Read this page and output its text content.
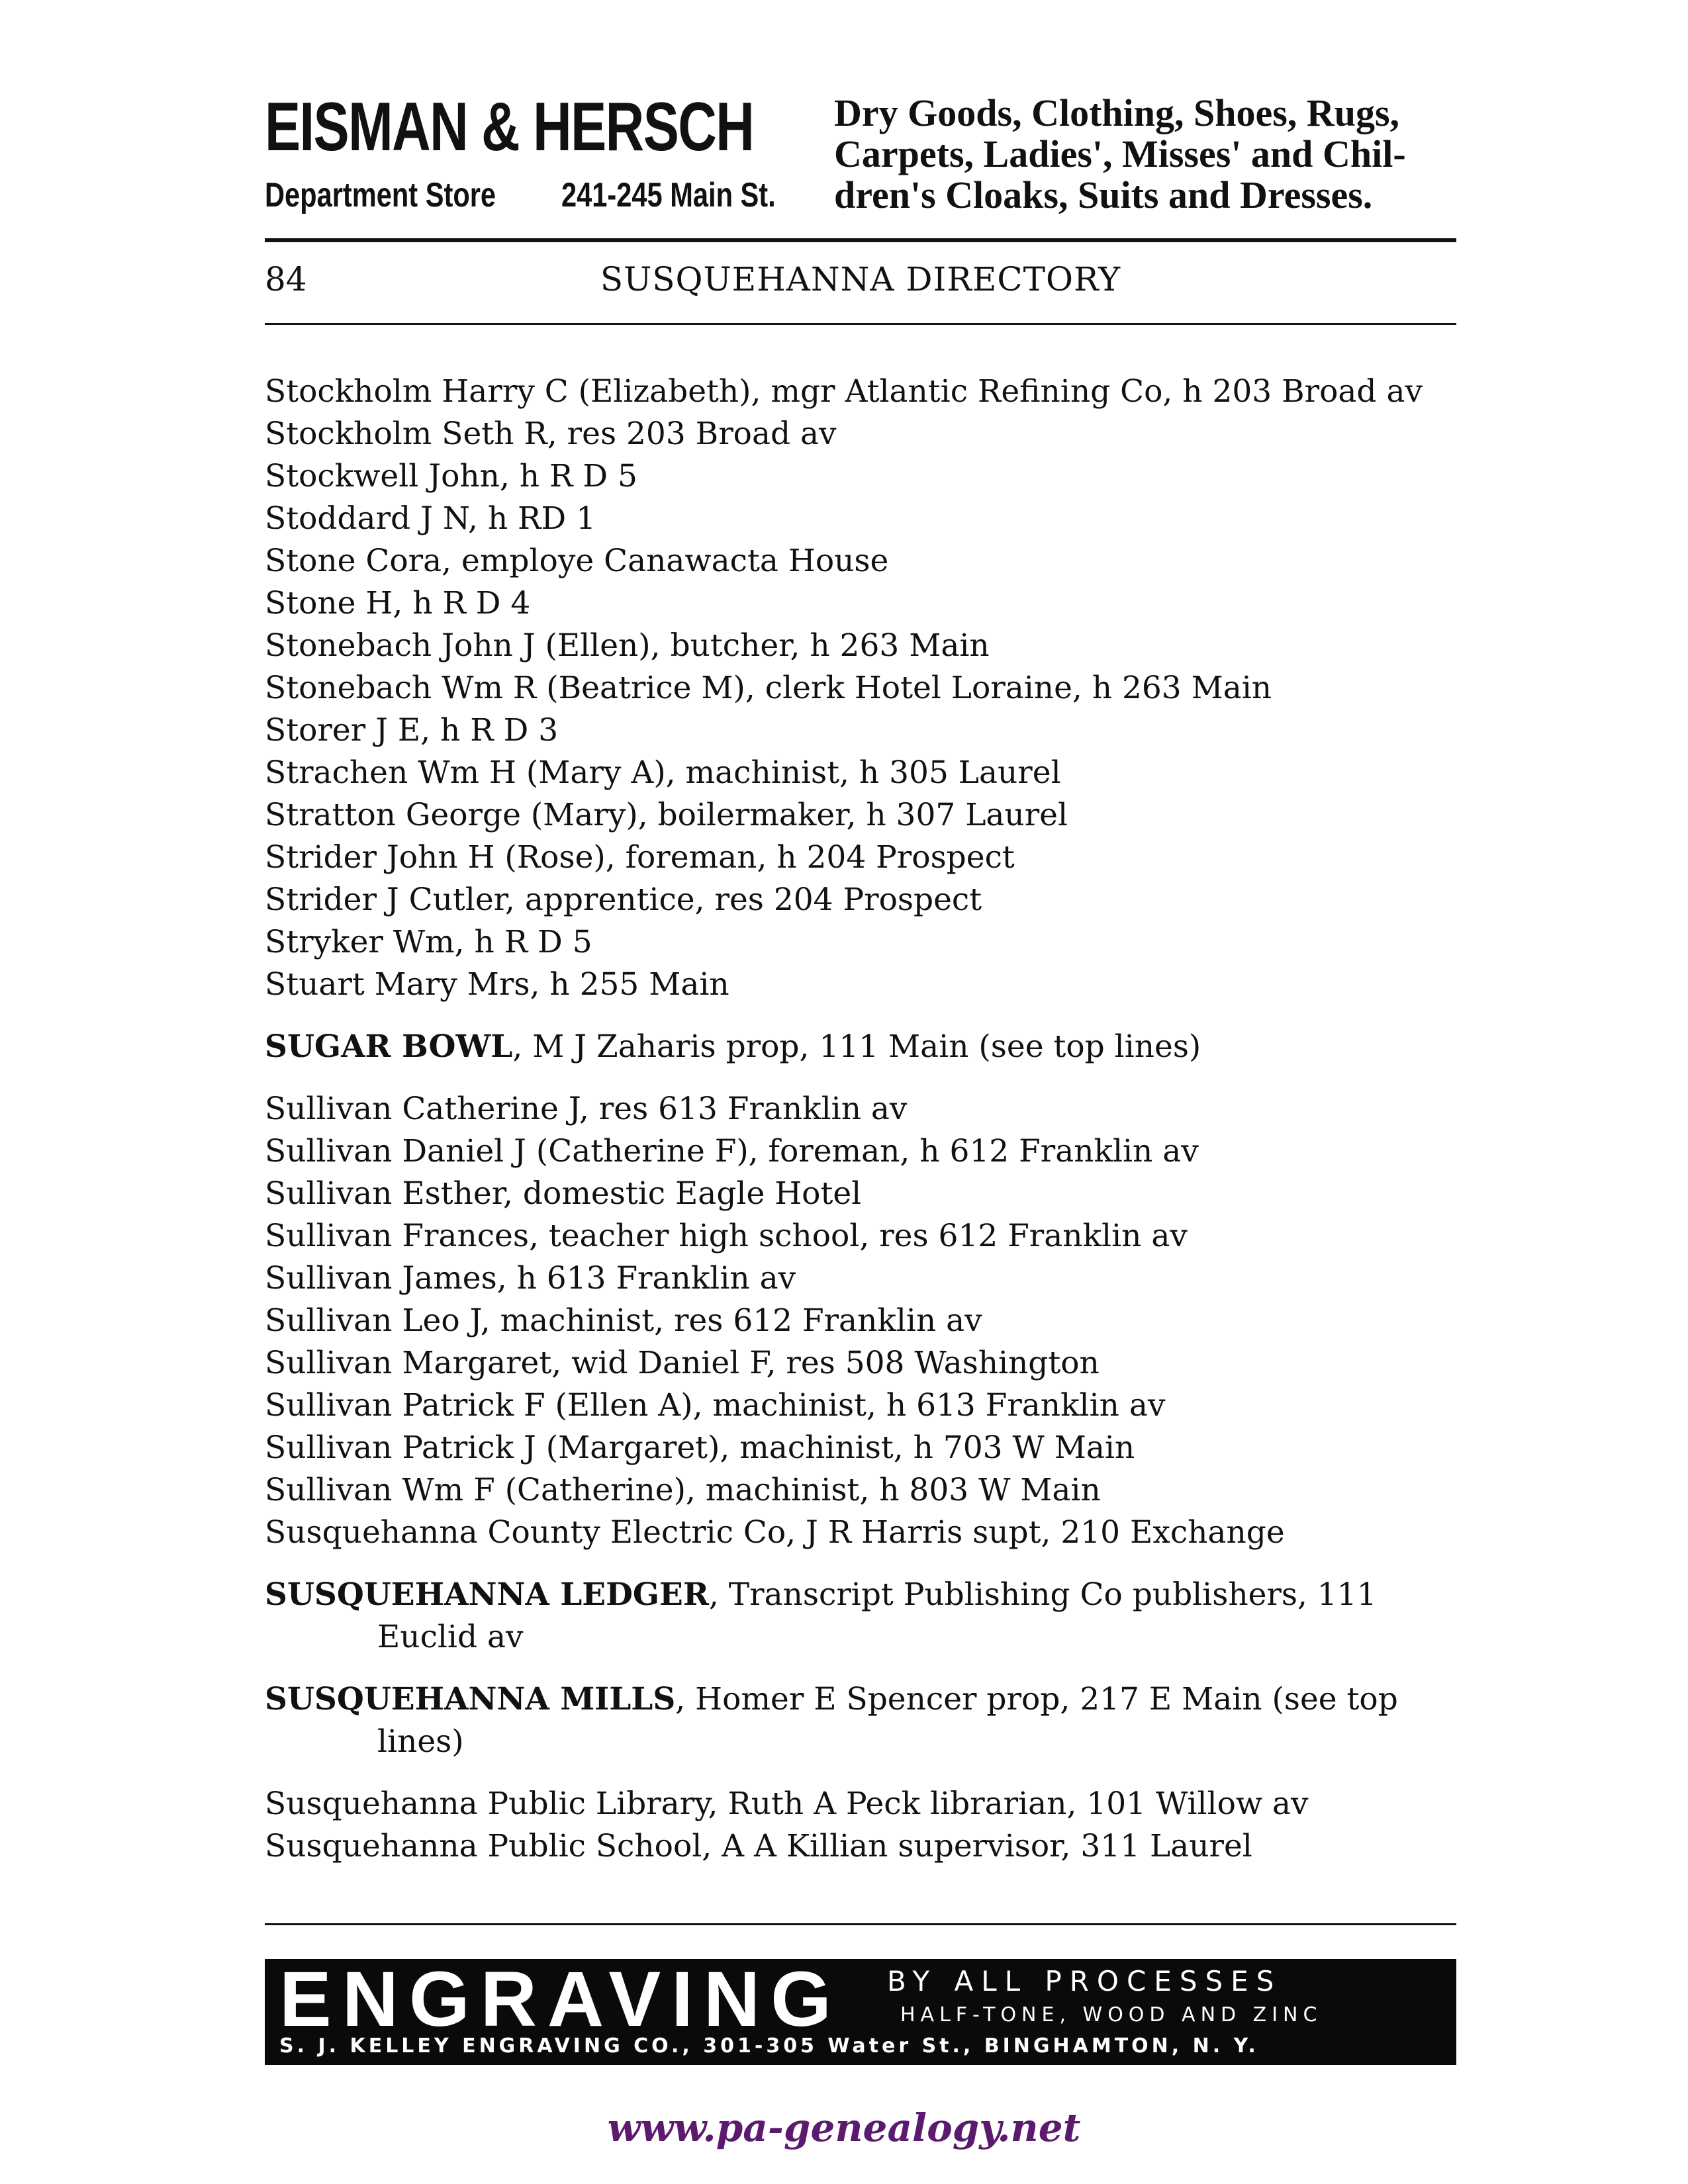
EISMAN & HERSCH
Department Store 241-245 Main St.
Dry Goods, Clothing, Shoes, Rugs,
Carpets, Ladies', Misses' and Chil-
dren's Cloaks, Suits and Dresses.
84	SUSQUEHANNA DIRECTORY
Stockholm Harry C (Elizabeth), mgr Atlantic Refining Co, h 203 Broad av
Stockholm Seth R, res 203 Broad av
Stockwell John, h R D 5
Stoddard J N, h RD 1
Stone Cora, employe Canawacta House
Stone H, h R D 4
Stonebach John J (Ellen), butcher, h 263 Main
Stonebach Wm R (Beatrice M), clerk Hotel Loraine, h 263 Main
Storer J E, h R D 3
Strachen Wm H (Mary A), machinist, h 305 Laurel
Stratton George (Mary), boilermaker, h 307 Laurel
Strider John H (Rose), foreman, h 204 Prospect
Strider J Cutler, apprentice, res 204 Prospect
Stryker Wm, h R D 5
Stuart Mary Mrs, h 255 Main
SUGAR BOWL, M J Zaharis prop, 111 Main (see top lines)
Sullivan Catherine J, res 613 Franklin av
Sullivan Daniel J (Catherine F), foreman, h 612 Franklin av
Sullivan Esther, domestic Eagle Hotel
Sullivan Frances, teacher high school, res 612 Franklin av
Sullivan James, h 613 Franklin av
Sullivan Leo J, machinist, res 612 Franklin av
Sullivan Margaret, wid Daniel F, res 508 Washington
Sullivan Patrick F (Ellen A), machinist, h 613 Franklin av
Sullivan Patrick J (Margaret), machinist, h 703 W Main
Sullivan Wm F (Catherine), machinist, h 803 W Main
Susquehanna County Electric Co, J R Harris supt, 210 Exchange
SUSQUEHANNA LEDGER, Transcript Publishing Co publishers, 111 Euclid av
SUSQUEHANNA MILLS, Homer E Spencer prop, 217 E Main (see top lines)
Susquehanna Public Library, Ruth A Peck librarian, 101 Willow av
Susquehanna Public School, A A Killian supervisor, 311 Laurel
ENGRAVING BY ALL PROCESSES
HALF-TONE, WOOD AND ZINC
S. J. KELLEY ENGRAVING CO., 301-305 Water St., BINGHAMTON, N. Y.
www.pa-genealogy.net
